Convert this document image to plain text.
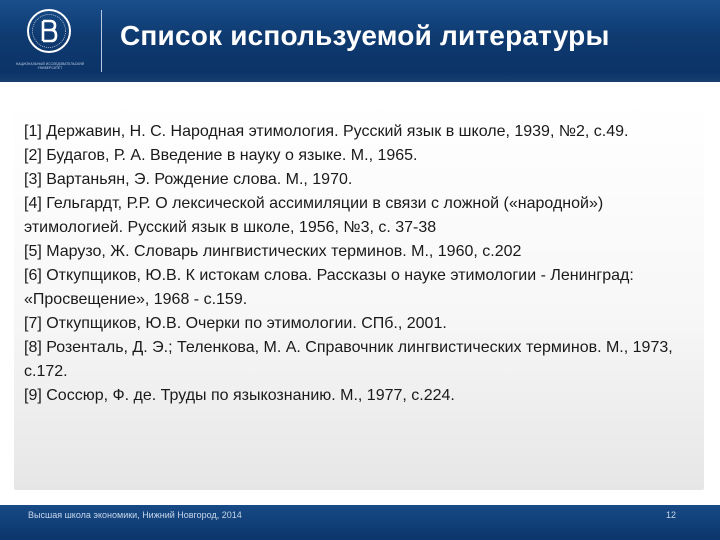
НАЦИОНАЛЬНЫЙ ИССЛЕДОВАТЕЛЬСКИЙ УНИВЕРСИТЕТ
Список используемой литературы
[1] Державин, Н. С. Народная этимология. Русский язык в школе, 1939, №2, с.49.
[2] Будагов, Р. А. Введение в науку о языке. М., 1965.
[3] Вартаньян, Э. Рождение слова. М., 1970.
[4] Гельгардт, Р.Р. О лексической ассимиляции в связи с ложной («народной») этимологией. Русский язык в школе, 1956, №3, с. 37-38
[5] Марузо, Ж. Словарь лингвистических терминов. М., 1960, с.202
[6] Откупщиков, Ю.В. К истокам слова. Рассказы о науке этимологии - Ленинград: «Просвещение», 1968 - с.159.
[7] Откупщиков, Ю.В. Очерки по этимологии. СПб., 2001.
[8] Розенталь, Д. Э.; Теленкова, М. А. Справочник лингвистических терминов. М., 1973, с.172.
[9] Соссюр, Ф. де. Труды по языкознанию. М., 1977, с.224.
Высшая школа экономики, Нижний Новгород, 2014	12
